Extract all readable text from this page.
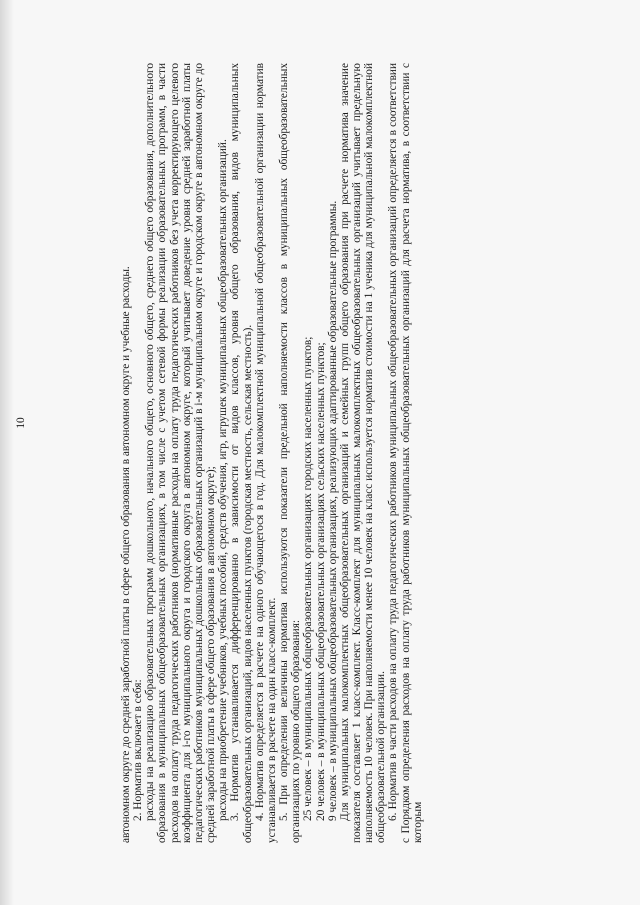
10	автономном округе до средней заработной платы в сфере общего образования в автономном округе и учебные расходы. 2. Норматив включает в себя: расходы на реализацию образовательных программ дошкольного, начального общего, основного общего, среднего общего образования, дополнительного образования в муниципальных общеобразовательных организациях, в том числе с учетом сетевой формы реализации образовательных программ, в части расходов на оплату труда педагогических работников (нормативные расходы на оплату труда педагогических работников без учета корректирующего целевого коэффициента для i-го муниципального округа и городского округа в автономном округе, который учитывает доведение уровня средней заработной платы педагогических работников муниципальных дошкольных образовательных организаций в i-м муниципальном округе и городском округе в автономном округе до средней заработной платы в сфере общего образования в автономном округе); расходы на приобретение учебников, учебных пособий, средств обучения, игр, игрушек муниципальных общеобразовательных организаций. 3. Норматив устанавливается дифференцированно в зависимости от видов классов, уровня общего образования, видов муниципальных общеобразовательных организаций, видов населенных пунктов (городская местность, сельская местность). 4. Норматив определяется в расчете на одного обучающегося в год. Для малокомплектной муниципальной общеобразовательной организации норматив устанавливается в расчете на один класс-комплект. 5. При определении величины норматива используются показатели предельной наполняемости классов в муниципальных общеобразовательных организациях по уровню общего образования: 25 человек – в муниципальных общеобразовательных организациях городских населенных пунктов; 20 человек – в муниципальных общеобразовательных организациях сельских населенных пунктов; 9 человек – в муниципальных общеобразовательных организациях, реализующих адаптированные образовательные программы. Для муниципальных малокомплектных общеобразовательных организаций и семейных групп общего образования при расчете норматива значение показателя составляет 1 класс-комплект. Класс-комплект для муниципальных малокомплектных общеобразовательных организаций учитывает предельную наполняемость 10 человек. При наполняемости менее 10 человек на класс используется норматив стоимости на 1 ученика для муниципальной малокомплектной общеобразовательной организации. 6. Норматив в части расходов на оплату труда педагогических работников муниципальных общеобразовательных организаций определяется в соответствии с Порядком определения расходов на оплату труда работников муниципальных общеобразовательных организаций для расчета норматива, в соответствии с которым
